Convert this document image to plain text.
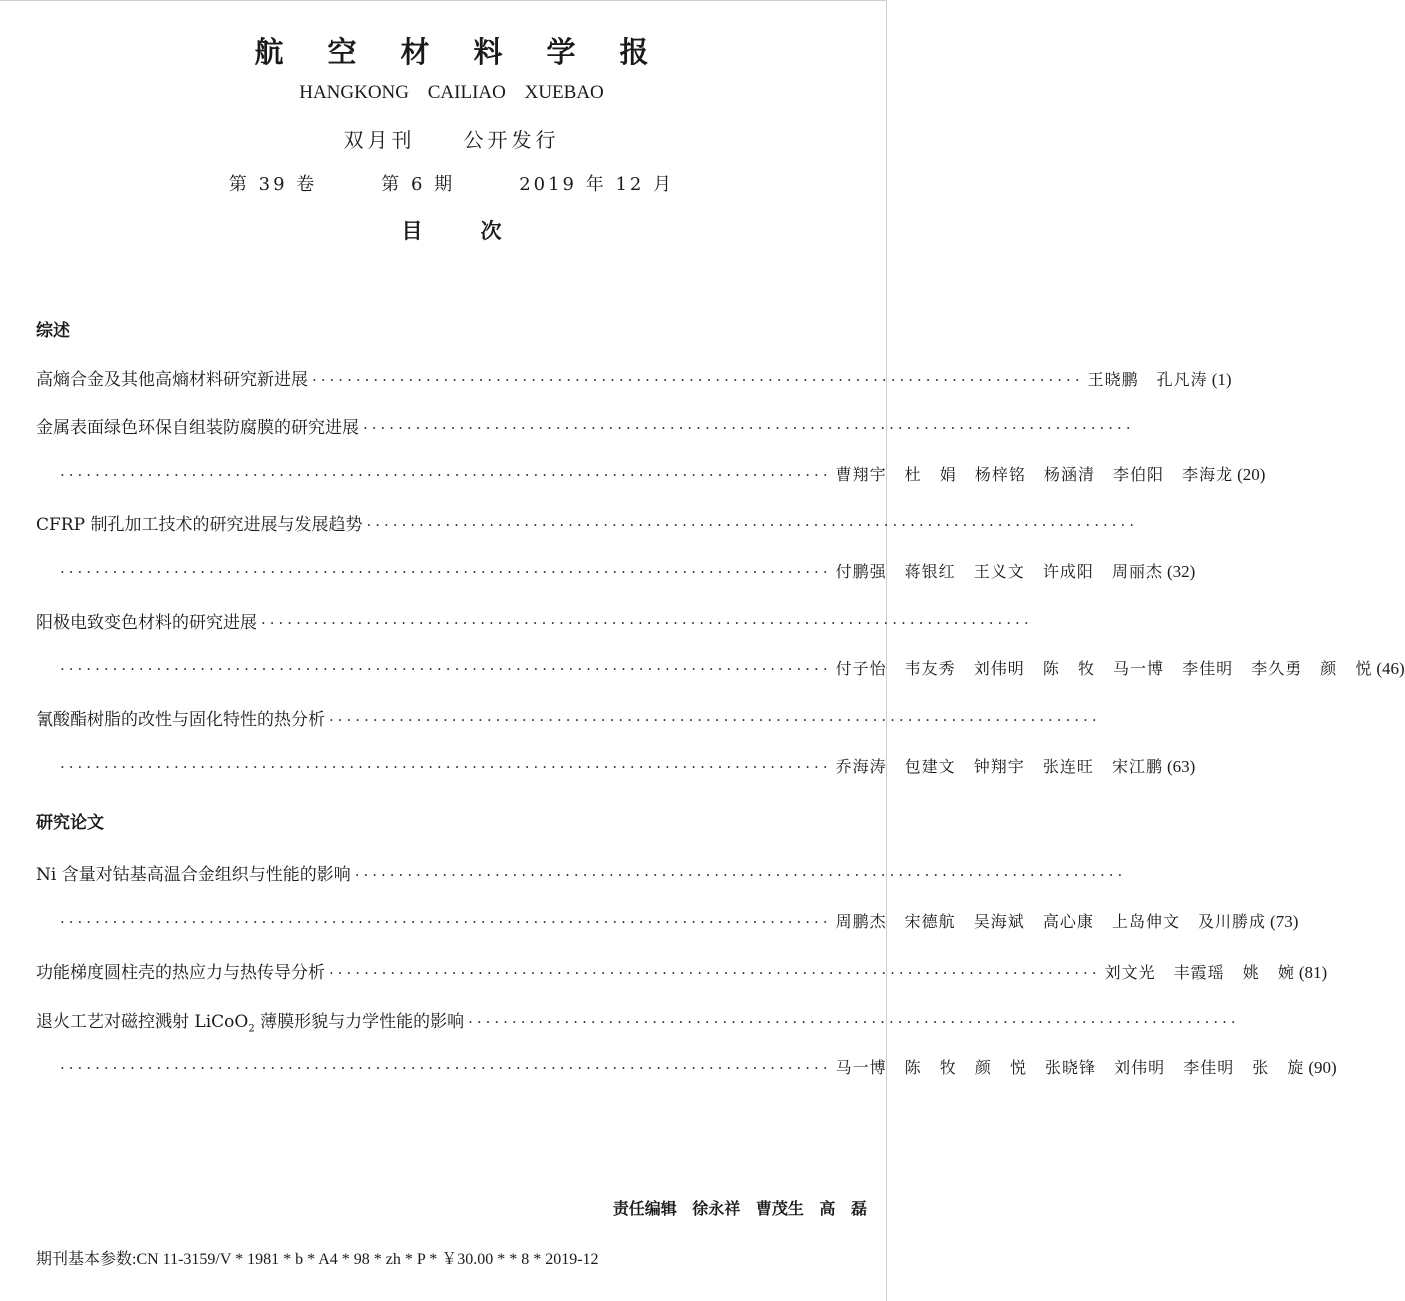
航空材料学报
HANGKONG CAILIAO XUEBAO
双月刊 公开发行
第 39 卷	第 6 期	2019 年 12 月
目次
综述
高熵合金及其他高熵材料研究新进展 ························································································ 王晓鹏 孔凡涛 (1)
金属表面绿色环保自组装防腐膜的研究进展 ························································································
························································································ 曹翔宇 杜 娟 杨梓铭 杨涵清 李伯阳 李海龙 (20)
CFRP 制孔加工技术的研究进展与发展趋势 ························································································
························································································ 付鹏强 蒋银红 王义文 许成阳 周丽杰 (32)
阳极电致变色材料的研究进展 ························································································
························································································ 付子怡 韦友秀 刘伟明 陈 牧 马一博 李佳明 李久勇 颜 悦 (46)
氰酸酯树脂的改性与固化特性的热分析 ························································································
························································································ 乔海涛 包建文 钟翔宇 张连旺 宋江鹏 (63)
研究论文
Ni 含量对钴基高温合金组织与性能的影响 ························································································
························································································ 周鹏杰 宋德航 吴海斌 高心康 上岛伸文 及川勝成 (73)
功能梯度圆柱壳的热应力与热传导分析 ························································································ 刘文光 丰霞瑶 姚 婉 (81)
退火工艺对磁控溅射 LiCoO$_2$ 薄膜形貌与力学性能的影响 ························································································
························································································ 马一博 陈 牧 颜 悦 张晓锋 刘伟明 李佳明 张 旋 (90)
责任编辑 徐永祥 曹茂生 高 磊
期刊基本参数:CN 11-3159/V * 1981 * b * A4 * 98 * zh * P * ￥30.00 * * 8 * 2019-12
